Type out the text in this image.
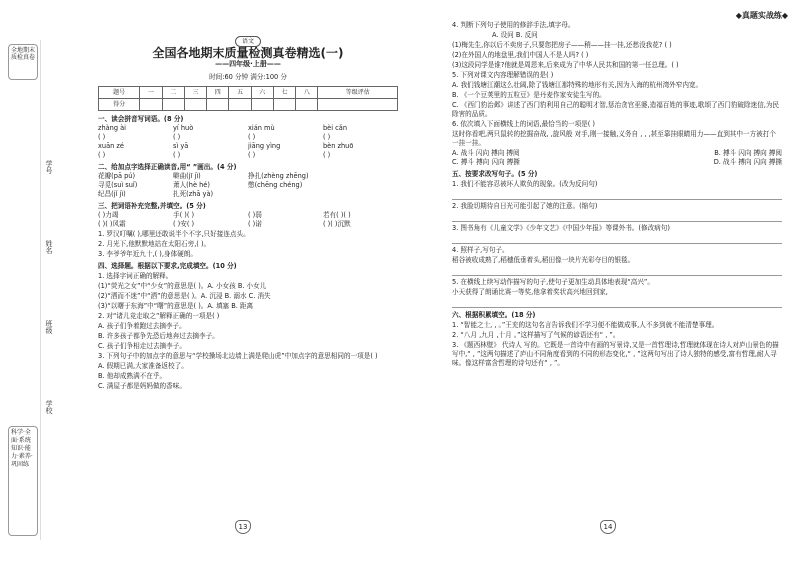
◆真题实战练◆
全地期末质检真卷
科学·全面·系统 知识·能力·素养·巩固练
学号
姓名
班级
学校
语文
全国各地期末质量检测真卷精选(一)
——四年级·上册——
时间:60 分钟 满分:100 分
题号	一	二	三	四	五	六	七	八	等级评估
得分									
一、读会拼音写词语。(8 分)
zhàng ài	yí huò	xián mù	bèi cǎn
( )	( )	( )	( )
xuān zé	sì yā	jiāng yìng	bèn zhuō
( )	( )	( )	( )
二、给加点字选择正确读音,用“ ”画出。(4 分)
花瓣(pā pú)	噼曲(jī jì)	挣扎(zhèng zhēng)
寻觅(suì suǐ)	萧人(hè hé)	憋(chēng chéng)
纪昌(jǐ jì)	扎死(zhā yà)
三、把词语补充完整,并填空。(5 分)
( )力竭	手( )( )	( )弱	若有( )( )
( )( )风霜	( )安( )	( )诺	( )( )沉默
1. 罗汉叮嘱( ),哪里还敢说半个不字,只好接连点头。
2. 月光下,他默默地站在太阳石旁,( )。
3. 李爷爷年近九十,( ),身体硬朗。
四、选择题。根据以下要求,完成填空。(10 分)
1. 选择字词正确的解释。
(1)“荧光之女”中“少女”的意思是( )。A. 小女孩 B. 小女儿
(2)“洒而不迷”中“洒”的意思是( )。A. 沉浸 B. 溺水 C. 消失
(3)“以曙于东海”中“曙”的意思是( )。A. 填塞 B. 距离
2. 对“诸儿竞走取之”解释正确的一项是( )
A. 孩子们争着跑过去摘李子。
B. 许多孩子都争先恐后地奔过去摘李子。
C. 孩子们争相走过去摘李子。
3. 下列句子中的加点字的意思与“学校操场北边墙上满是爬山虎”中加点字的意思相同的一项是( )
A. 假期已满,大家准备返校了。
B. 他却成熟满不在乎。
C. 满屋子都是妈妈做的香味。
13
4. 判断下列句子使用的修辞手法,填字母。
A. 设问 B. 反问
(1)梅先生,你以后不卖房子,只要您把房子——稍——挂一挂,还愁没我花? ( )
(2)在外国人的地盘里,我们中国人不是人吗? ( )
(3)这段同学是谁?他就是周恩来,后来成为了中华人民共和国的第一任总理。( )
5. 下列对课文内容理解错误的是( )
A. 我们钱塘江潮这么壮阔,除了钱塘江那特殊的地形有关,因为入海的杭州湾外窄内宽。
B. 《一个豆荚里的五粒豆》是丹麦作家安徒生写的。
C. 《西门豹治邺》讲述了西门豹利用自己的聪明才智,惩治贪官巫婆,造福百姓的事迹,歌颂了西门豹破除迷信,为民除害的品质。
6. 依次填入下面横线上的词语,最恰当的一项是( )
这时你看吧,两只鼠转的挖掘奋战, ,旋风般 对手,刚一接触,义务自 , , ,甚至靠挂眼睛用力——直到其中一方被打个一挂一挂。
A. 战斗 闪向 搏向 搏阅	B. 搏斗 闪向 搏向 搏阅
C. 搏斗 搏向 闪向 搏撕	D. 战斗 搏向 闪向 搏撕
五、按要求改写句子。(5 分)
1. 我们不能容忍被坏人欺负的现象。(改为反问句)
2. 我脸切期待自日光可能引起了她的注意。(缩句)
3. 图书角有《儿童文学》《少年文艺》《中国少年报》等课外书。(修改病句)
4. 照样子,写句子。
稻谷被收成熟了,稻穗低垂着头,稻田像一块片光彩夺目的银毯。
5. 在横线上续写动作描写的句子,使句子更加生动具体地表现“高兴”。
小天获得了朗诵比赛一等奖,他拿着奖状高兴地回到家,
六、根据积累填空。(18 分)
1. “智能之士, , 。”王充的这句名言告诉我们不学习便不能做成事,人不多到就不能清楚事理。
2. “八月 ,九月 ,十月 。”这样描写了气候的谚语还有“ , ”。
3. 《题西林壁》 代诗人 写的。它既是一首诗中有画的写景诗,又是一首哲理诗,哲理就体现在诗人对庐山景色的描写中,“ , ”这两句描述了庐山不同角度看到的不同的形态变化,“ , ”这两句写出了诗人独特的感受,富有哲理,耐人寻味。像这样富含哲理的诗句还有“ , ”。
14
